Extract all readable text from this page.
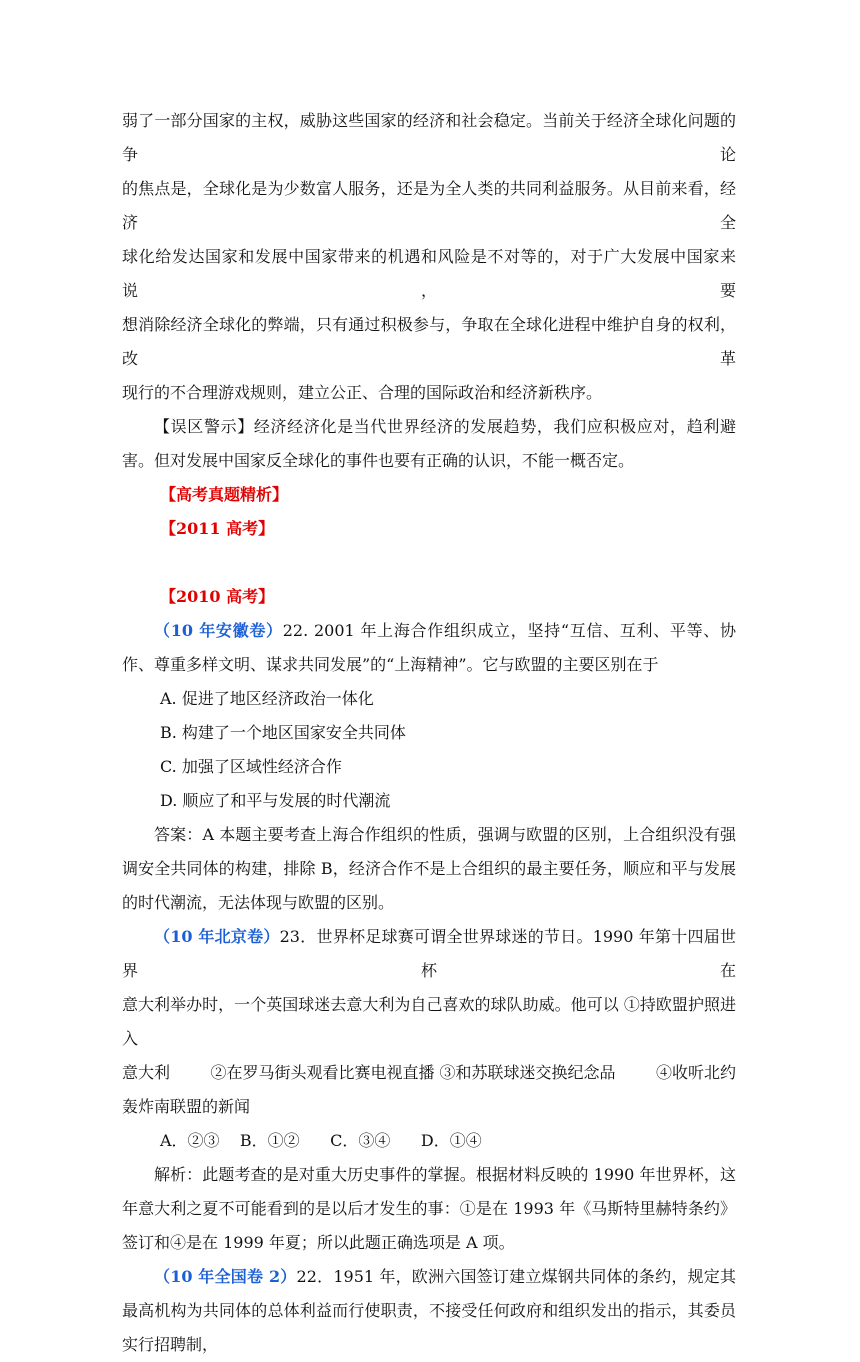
弱了一部分国家的主权，威胁这些国家的经济和社会稳定。当前关于经济全球化问题的争论

的焦点是，全球化是为少数富人服务，还是为全人类的共同利益服务。从目前来看，经济全

球化给发达国家和发展中国家带来的机遇和风险是不对等的，对于广大发展中国家来说，要

想消除经济全球化的弊端，只有通过积极参与，争取在全球化进程中维护自身的权利，改革

现行的不合理游戏规则，建立公正、合理的国际政治和经济新秩序。

【误区警示】经济经济化是当代世界经济的发展趋势，我们应积极应对，趋利避害。但对发展中国家反全球化的事件也要有正确的认识，不能一概否定。

【高考真题精析】

【2011 高考】

【2010 高考】

（10 年安徽卷）22. 2001 年上海合作组织成立，坚持“互信、互利、平等、协作、尊重多样文明、谋求共同发展”的“上海精神”。它与欧盟的主要区别在于

A. 促进了地区经济政治一体化

B. 构建了一个地区国家安全共同体

C. 加强了区域性经济合作

D. 顺应了和平与发展的时代潮流

答案：A 本题主要考查上海合作组织的性质，强调与欧盟的区别，上合组织没有强调安全共同体的构建，排除 B，经济合作不是上合组织的最主要任务，顺应和平与发展的时代潮流，无法体现与欧盟的区别。

（10 年北京卷）23．世界杯足球赛可谓全世界球迷的节日。1990 年第十四届世界杯在

意大利举办时，一个英国球迷去意大利为自己喜欢的球队助威。他可以 ①持欧盟护照进入

意大利	②在罗马街头观看比赛电视直播 ③和苏联球迷交换纪念品	④收听北约

轰炸南联盟的新闻

A．②③    B．①②      C．③④      D．①④

解析：此题考查的是对重大历史事件的掌握。根据材料反映的 1990 年世界杯，这年意大利之夏不可能看到的是以后才发生的事：①是在 1993 年《马斯特里赫特条约》签订和④是在 1999 年夏；所以此题正确选项是 A 项。

（10 年全国卷 2）22．1951 年，欧洲六国签订建立煤钢共同体的条约，规定其最高机构为共同体的总体利益而行使职责，不接受任何政府和组织发出的指示，其委员实行招聘制，
